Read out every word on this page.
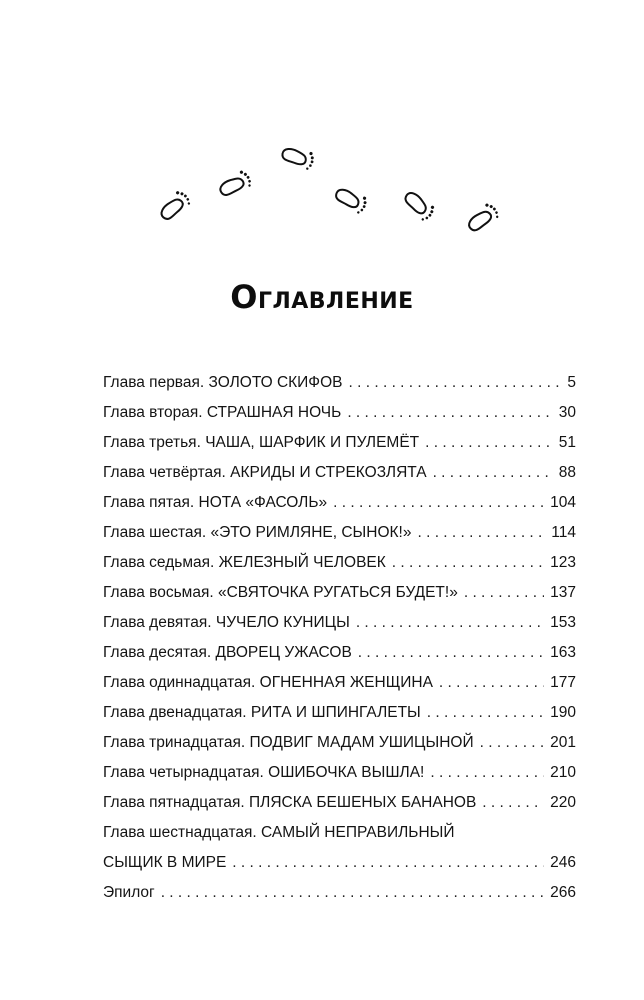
Оглавление
Глава первая. ЗОЛОТО СКИФОВ . . .	5
Глава вторая. СТРАШНАЯ НОЧЬ . . .	30
Глава третья. ЧАША, ШАРФИК И ПУЛЕМЁТ . . .	51
Глава четвёртая. АКРИДЫ И СТРЕКОЗЛЯТА . . .	88
Глава пятая. НОТА «ФАСОЛЬ» . . .	104
Глава шестая. «ЭТО РИМЛЯНЕ, СЫНОК!» . . .	114
Глава седьмая. ЖЕЛЕЗНЫЙ ЧЕЛОВЕК . . .	123
Глава восьмая. «СВЯТОЧКА РУГАТЬСЯ БУДЕТ!» . . .	137
Глава девятая. ЧУЧЕЛО КУНИЦЫ . . .	153
Глава десятая. ДВОРЕЦ УЖАСОВ . . .	163
Глава одиннадцатая. ОГНЕННАЯ ЖЕНЩИНА . . .	177
Глава двенадцатая. РИТА И ШПИНГАЛЕТЫ . . .	190
Глава тринадцатая. ПОДВИГ МАДАМ УШИЦЫНОЙ . . .	201
Глава четырнадцатая. ОШИБОЧКА ВЫШЛА! . . .	210
Глава пятнадцатая. ПЛЯСКА БЕШЕНЫХ БАНАНОВ . . .	220
Глава шестнадцатая. САМЫЙ НЕПРАВИЛЬНЫЙ
СЫЩИК В МИРЕ . . .	246
Эпилог . . .	266
